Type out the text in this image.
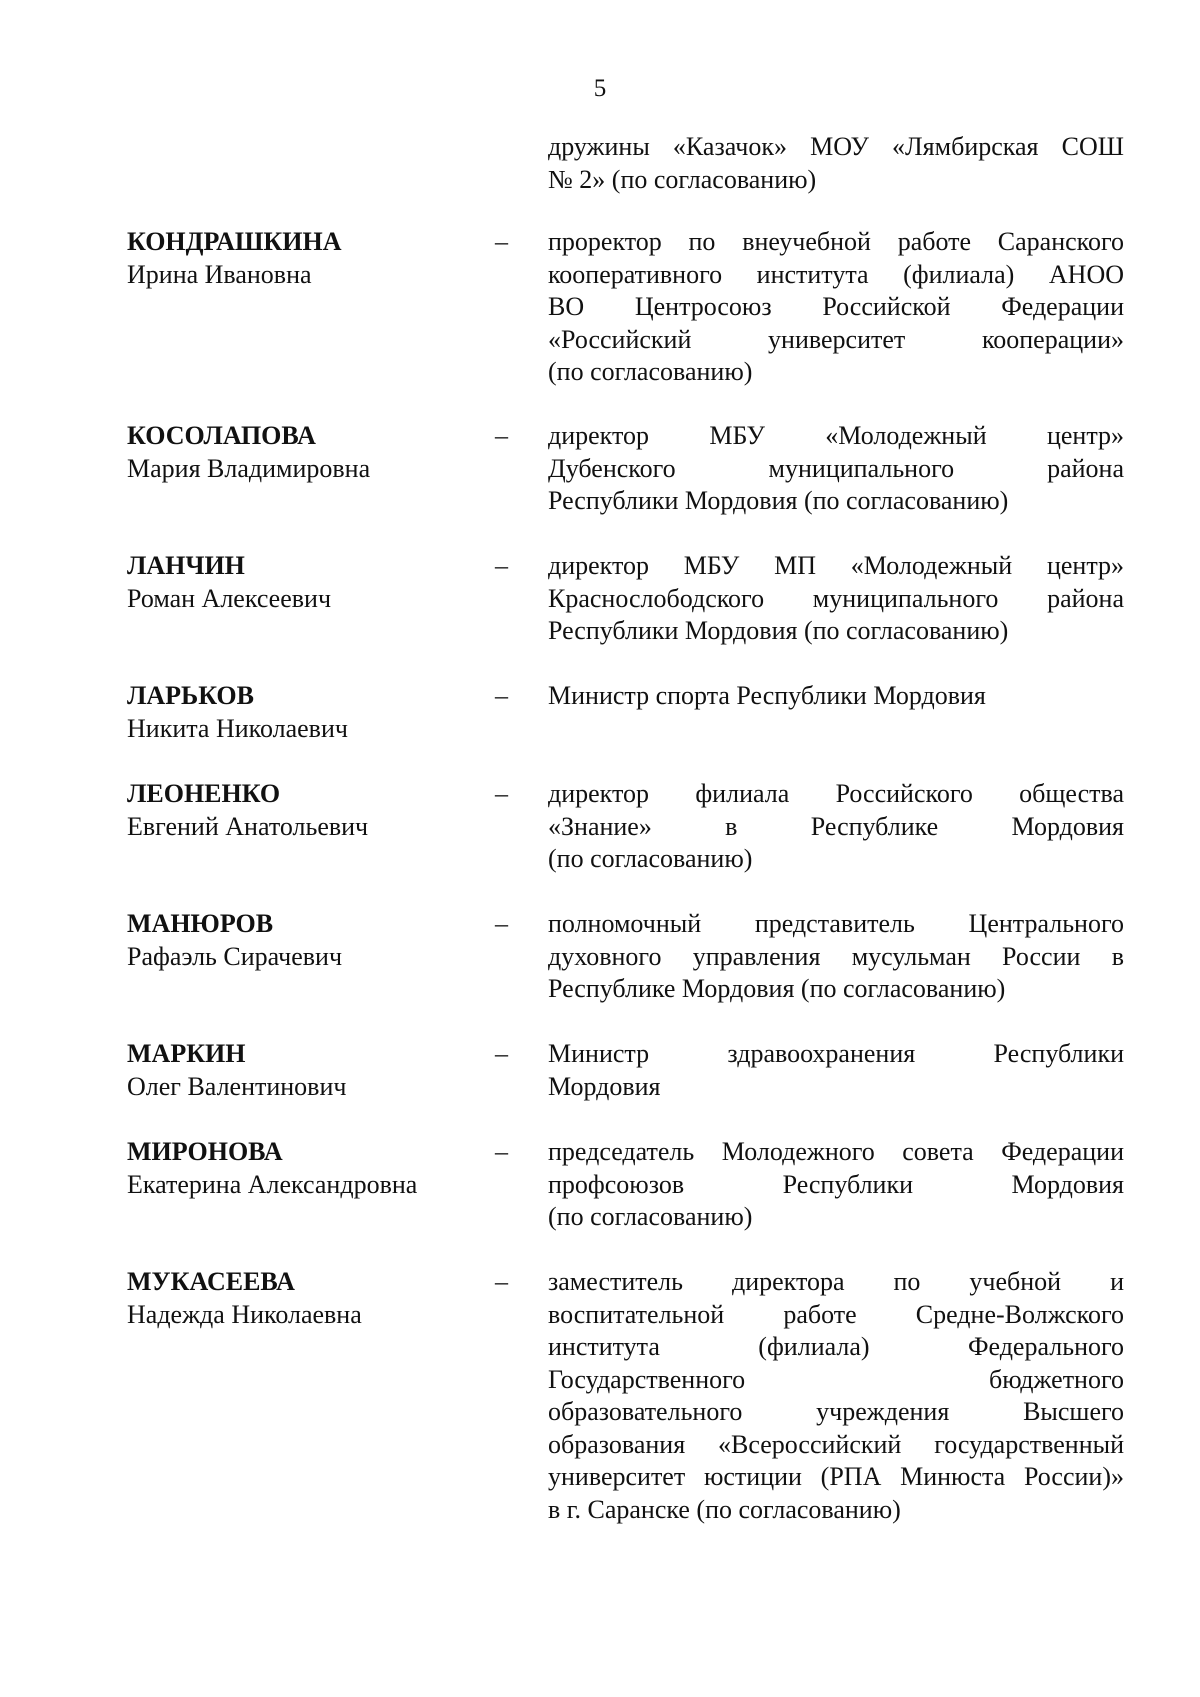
5
дружины «Казачок» МОУ «Лямбирская СОШ
№ 2» (по согласованию)
КОНДРАШКИНА
Ирина Ивановна
– проректор по внеучебной работе Саранского
кооперативного института (филиала) АНОО
ВО Центросоюз Российской Федерации
«Российский университет кооперации»
(по согласованию)
КОСОЛАПОВА
Мария Владимировна
– директор МБУ «Молодежный центр»
Дубенского муниципального района
Республики Мордовия (по согласованию)
ЛАНЧИН
Роман Алексеевич
– директор МБУ МП «Молодежный центр»
Краснослободского муниципального района
Республики Мордовия (по согласованию)
ЛАРЬКОВ
Никита Николаевич
– Министр спорта Республики Мордовия
ЛЕОНЕНКО
Евгений Анатольевич
– директор филиала Российского общества
«Знание» в Республике Мордовия
(по согласованию)
МАНЮРОВ
Рафаэль Сирачевич
– полномочный представитель Центрального
духовного управления мусульман России в
Республике Мордовия (по согласованию)
МАРКИН
Олег Валентинович
– Министр здравоохранения Республики
Мордовия
МИРОНОВА
Екатерина Александровна
– председатель Молодежного совета Федерации
профсоюзов Республики Мордовия
(по согласованию)
МУКАСЕЕВА
Надежда Николаевна
– заместитель директора по учебной и
воспитательной работе Средне-Волжского
института (филиала) Федерального
Государственного бюджетного
образовательного учреждения Высшего
образования «Всероссийский государственный
университет юстиции (РПА Минюста России)»
в г. Саранске (по согласованию)
